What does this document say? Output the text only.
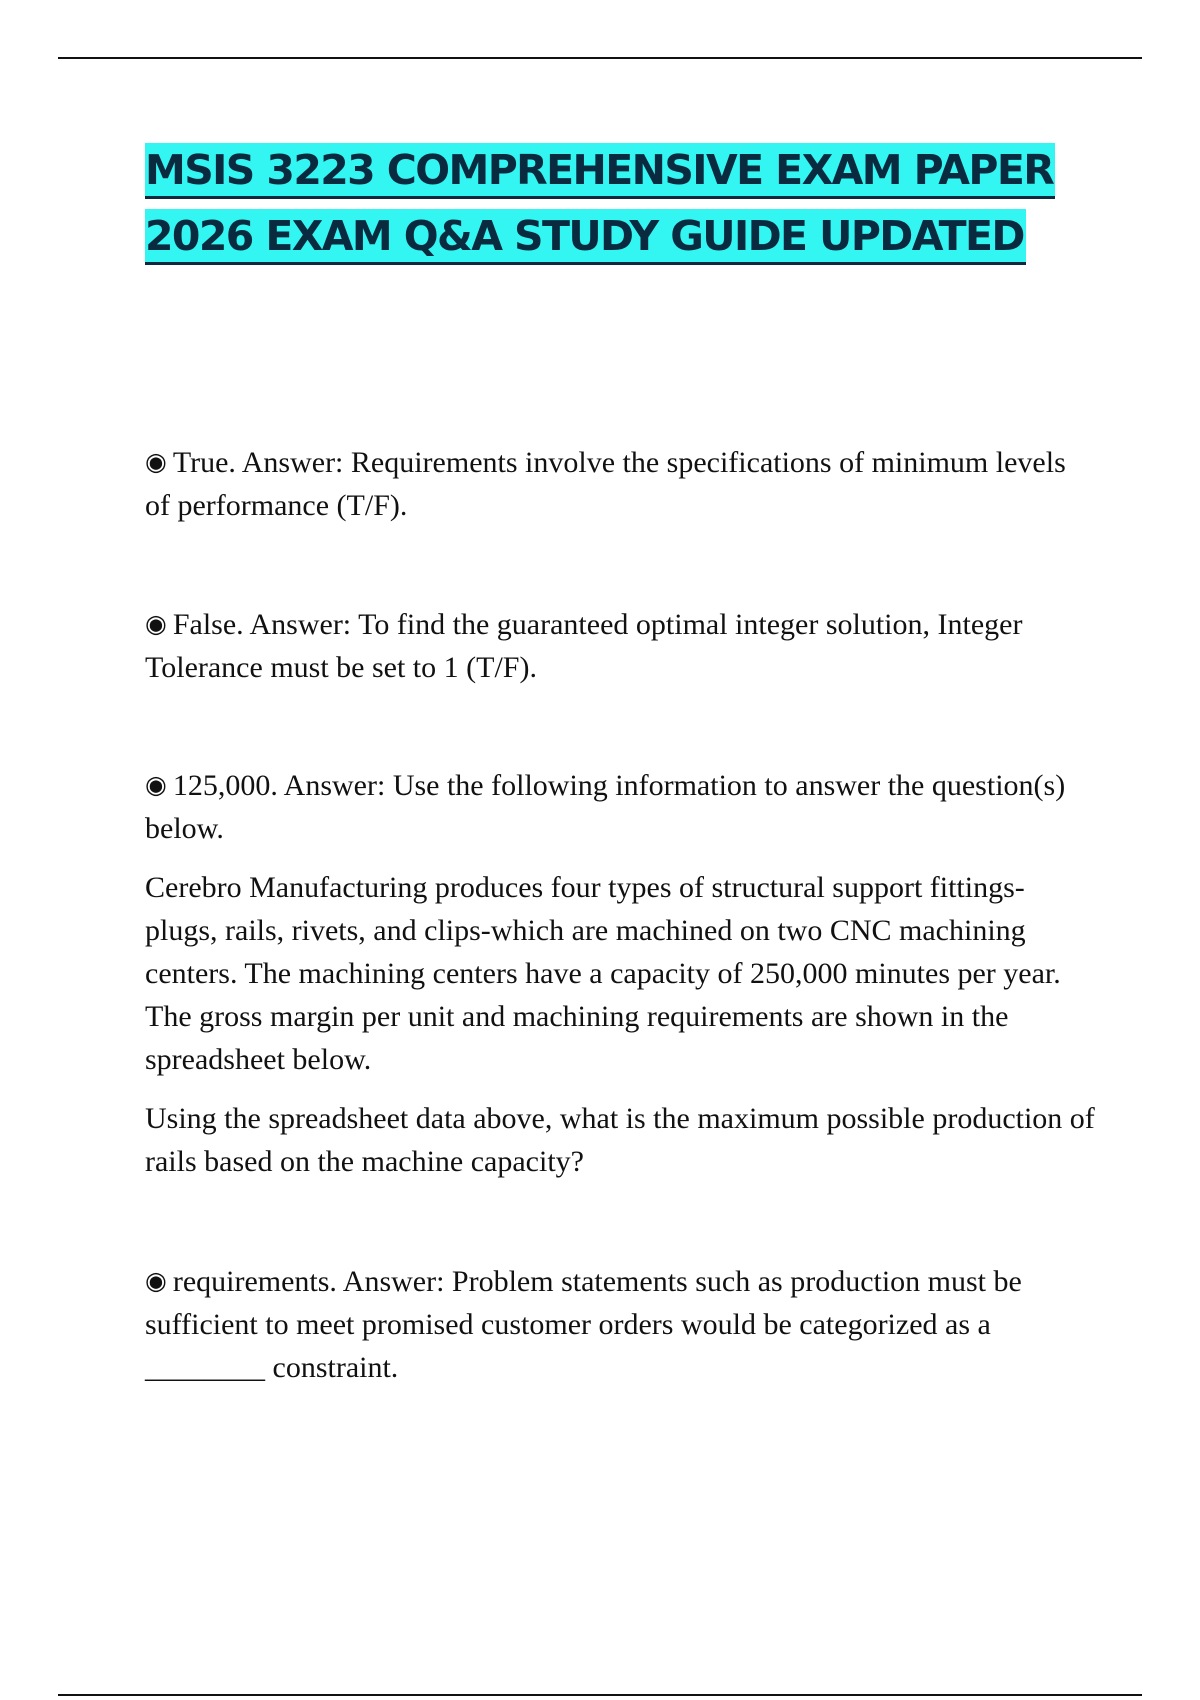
MSIS 3223 COMPREHENSIVE EXAM PAPER
2026 EXAM Q&A STUDY GUIDE UPDATED

◉ True. Answer: Requirements involve the specifications of minimum levels of performance (T/F).

◉ False. Answer: To find the guaranteed optimal integer solution, Integer Tolerance must be set to 1 (T/F).

◉ 125,000. Answer: Use the following information to answer the question(s) below.

Cerebro Manufacturing produces four types of structural support fittings-plugs, rails, rivets, and clips-which are machined on two CNC machining centers. The machining centers have a capacity of 250,000 minutes per year. The gross margin per unit and machining requirements are shown in the spreadsheet below.

Using the spreadsheet data above, what is the maximum possible production of rails based on the machine capacity?

◉ requirements. Answer: Problem statements such as production must be sufficient to meet promised customer orders would be categorized as a ________ constraint.
